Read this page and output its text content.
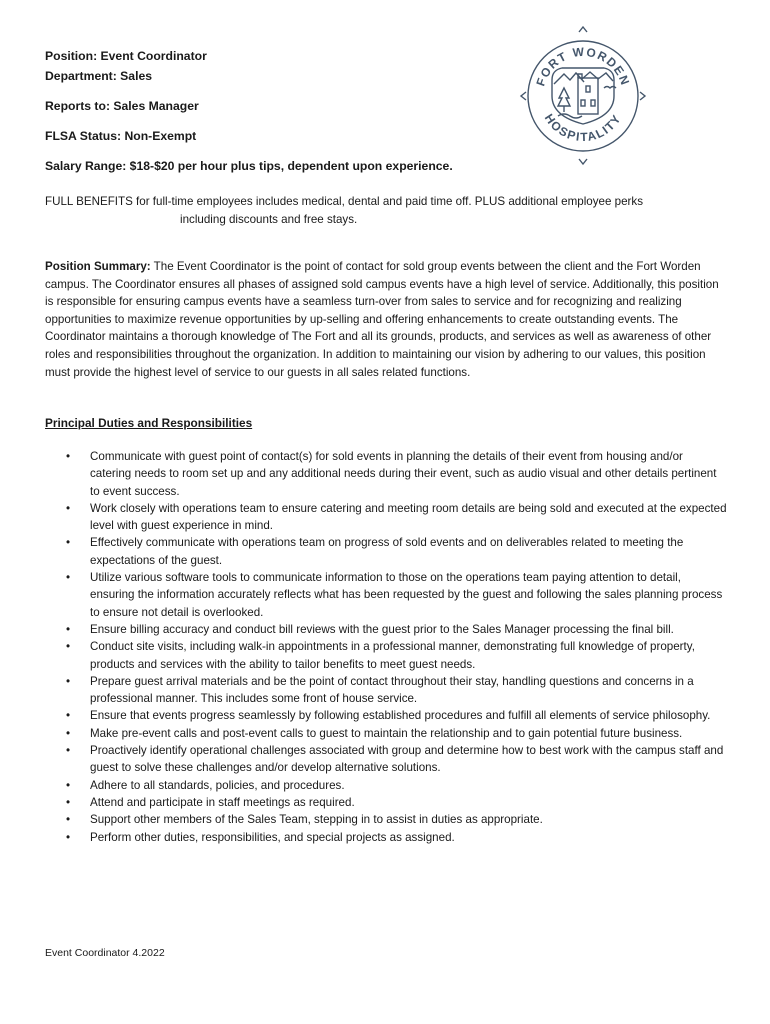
Position: Event Coordinator
Department: Sales
Reports to: Sales Manager
FLSA Status: Non-Exempt
Salary Range: $18-$20 per hour plus tips, dependent upon experience.
FORT WORDEN
HOSPITALITY
FULL BENEFITS for full-time employees includes medical, dental and paid time off. PLUS additional employee perks
including discounts and free stays.
Position Summary: The Event Coordinator is the point of contact for sold group events between the client and the Fort Worden campus. The Coordinator ensures all phases of assigned sold campus events have a high level of service. Additionally, this position is responsible for ensuring campus events have a seamless turn-over from sales to service and for recognizing and realizing opportunities to maximize revenue opportunities by up-selling and offering enhancements to create outstanding events. The Coordinator maintains a thorough knowledge of The Fort and all its grounds, products, and services as well as awareness of other roles and responsibilities throughout the organization. In addition to maintaining our vision by adhering to our values, this position must provide the highest level of service to our guests in all sales related functions.
Principal Duties and Responsibilities
• Communicate with guest point of contact(s) for sold events in planning the details of their event from housing and/or catering needs to room set up and any additional needs during their event, such as audio visual and other details pertinent to event success.
• Work closely with operations team to ensure catering and meeting room details are being sold and executed at the expected level with guest experience in mind.
• Effectively communicate with operations team on progress of sold events and on deliverables related to meeting the expectations of the guest.
• Utilize various software tools to communicate information to those on the operations team paying attention to detail, ensuring the information accurately reflects what has been requested by the guest and following the sales planning process to ensure not detail is overlooked.
• Ensure billing accuracy and conduct bill reviews with the guest prior to the Sales Manager processing the final bill.
• Conduct site visits, including walk-in appointments in a professional manner, demonstrating full knowledge of property, products and services with the ability to tailor benefits to meet guest needs.
• Prepare guest arrival materials and be the point of contact throughout their stay, handling questions and concerns in a professional manner. This includes some front of house service.
• Ensure that events progress seamlessly by following established procedures and fulfill all elements of service philosophy.
• Make pre-event calls and post-event calls to guest to maintain the relationship and to gain potential future business.
• Proactively identify operational challenges associated with group and determine how to best work with the campus staff and guest to solve these challenges and/or develop alternative solutions.
• Adhere to all standards, policies, and procedures.
• Attend and participate in staff meetings as required.
• Support other members of the Sales Team, stepping in to assist in duties as appropriate.
• Perform other duties, responsibilities, and special projects as assigned.
Event Coordinator 4.2022
